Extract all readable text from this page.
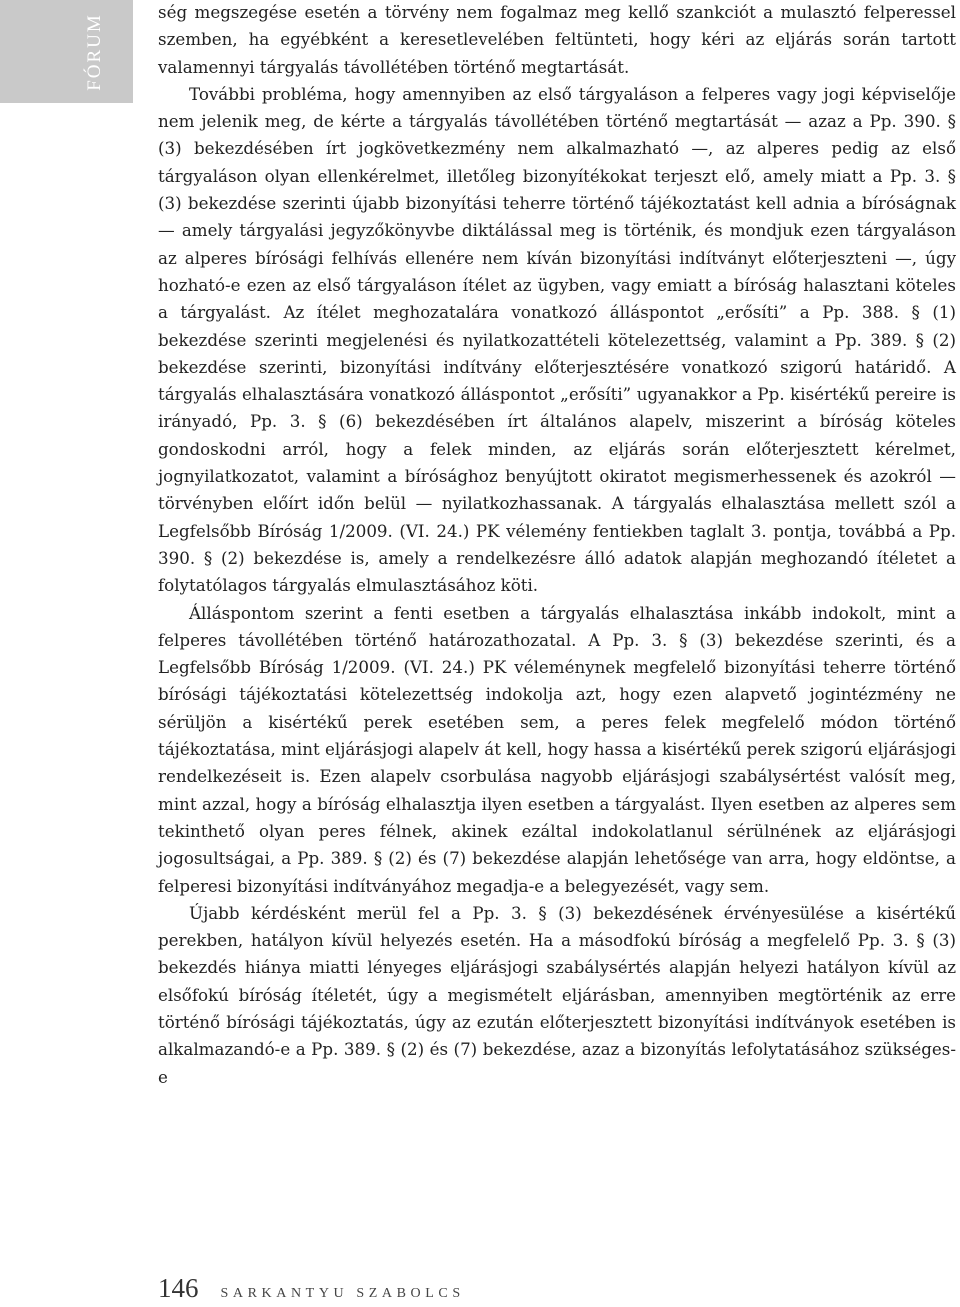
FÓRUM

ség megszegése esetén a törvény nem fogalmaz meg kellő szankciót a mulasztó felperessel szemben, ha egyébként a keresetlevelében feltünteti, hogy kéri az eljárás során tartott valamennyi tárgyalás távollétében történő megtartását.

További probléma, hogy amennyiben az első tárgyaláson a felperes vagy jogi képviselője nem jelenik meg, de kérte a tárgyalás távollétében történő megtartását — azaz a Pp. 390. § (3) bekezdésében írt jogkövetkezmény nem alkalmazható —, az alperes pedig az első tárgyaláson olyan ellenkérelmet, illetőleg bizonyítékokat terjeszt elő, amely miatt a Pp. 3. § (3) bekezdése szerinti újabb bizonyítási teherre történő tájékoztatást kell adnia a bíróságnak — amely tárgyalási jegyzőkönyvbe diktálással meg is történik, és mondjuk ezen tárgyaláson az alperes bírósági felhívás ellenére nem kíván bizonyítási indítványt előterjeszteni —, úgy hozható-e ezen az első tárgyaláson ítélet az ügyben, vagy emiatt a bíróság halasztani köteles a tárgyalást. Az ítélet meghozatalára vonatkozó álláspontot „erősíti” a Pp. 388. § (1) bekezdése szerinti megjelenési és nyilatkozattételi kötelezettség, valamint a Pp. 389. § (2) bekezdése szerinti, bizonyítási indítvány előterjesztésére vonatkozó szigorú határidő. A tárgyalás elhalasztására vonatkozó álláspontot „erősíti” ugyanakkor a Pp. kisértékű pereire is irányadó, Pp. 3. § (6) bekezdésében írt általános alapelv, miszerint a bíróság köteles gondoskodni arról, hogy a felek minden, az eljárás során előterjesztett kérelmet, jognyilatkozatot, valamint a bírósághoz benyújtott okiratot megismerhessenek és azokról — törvényben előírt időn belül — nyilatkozhassanak. A tárgyalás elhalasztása mellett szól a Legfelsőbb Bíróság 1/2009. (VI. 24.) PK vélemény fentiekben taglalt 3. pontja, továbbá a Pp. 390. § (2) bekezdése is, amely a rendelkezésre álló adatok alapján meghozandó ítéletet a folytatólagos tárgyalás elmulasztásához köti.

Álláspontom szerint a fenti esetben a tárgyalás elhalasztása inkább indokolt, mint a felperes távollétében történő határozathozatal. A Pp. 3. § (3) bekezdése szerinti, és a Legfelsőbb Bíróság 1/2009. (VI. 24.) PK véleménynek megfelelő bizonyítási teherre történő bírósági tájékoztatási kötelezettség indokolja azt, hogy ezen alapvető jogintézmény ne sérüljön a kisértékű perek esetében sem, a peres felek megfelelő módon történő tájékoztatása, mint eljárásjogi alapelv át kell, hogy hassa a kisértékű perek szigorú eljárásjogi rendelkezéseit is. Ezen alapelv csorbulása nagyobb eljárásjogi szabálysértést valósít meg, mint azzal, hogy a bíróság elhalasztja ilyen esetben a tárgyalást. Ilyen esetben az alperes sem tekinthető olyan peres félnek, akinek ezáltal indokolatlanul sérülnének az eljárásjogi jogosultságai, a Pp. 389. § (2) és (7) bekezdése alapján lehetősége van arra, hogy eldöntse, a felperesi bizonyítási indítványához megadja-e a belegyezését, vagy sem.

Újabb kérdésként merül fel a Pp. 3. § (3) bekezdésének érvényesülése a kisértékű perekben, hatályon kívül helyezés esetén. Ha a másodfokú bíróság a megfelelő Pp. 3. § (3) bekezdés hiánya miatti lényeges eljárásjogi szabálysértés alapján helyezi hatályon kívül az elsőfokú bíróság ítéletét, úgy a megismételt eljárásban, amennyiben megtörténik az erre történő bírósági tájékoztatás, úgy az ezután előterjesztett bizonyítási indítványok esetében is alkalmazandó-e a Pp. 389. § (2) és (7) bekezdése, azaz a bizonyítás lefolytatásához szükséges-e

146 SARKANTYU SZABOLCS
